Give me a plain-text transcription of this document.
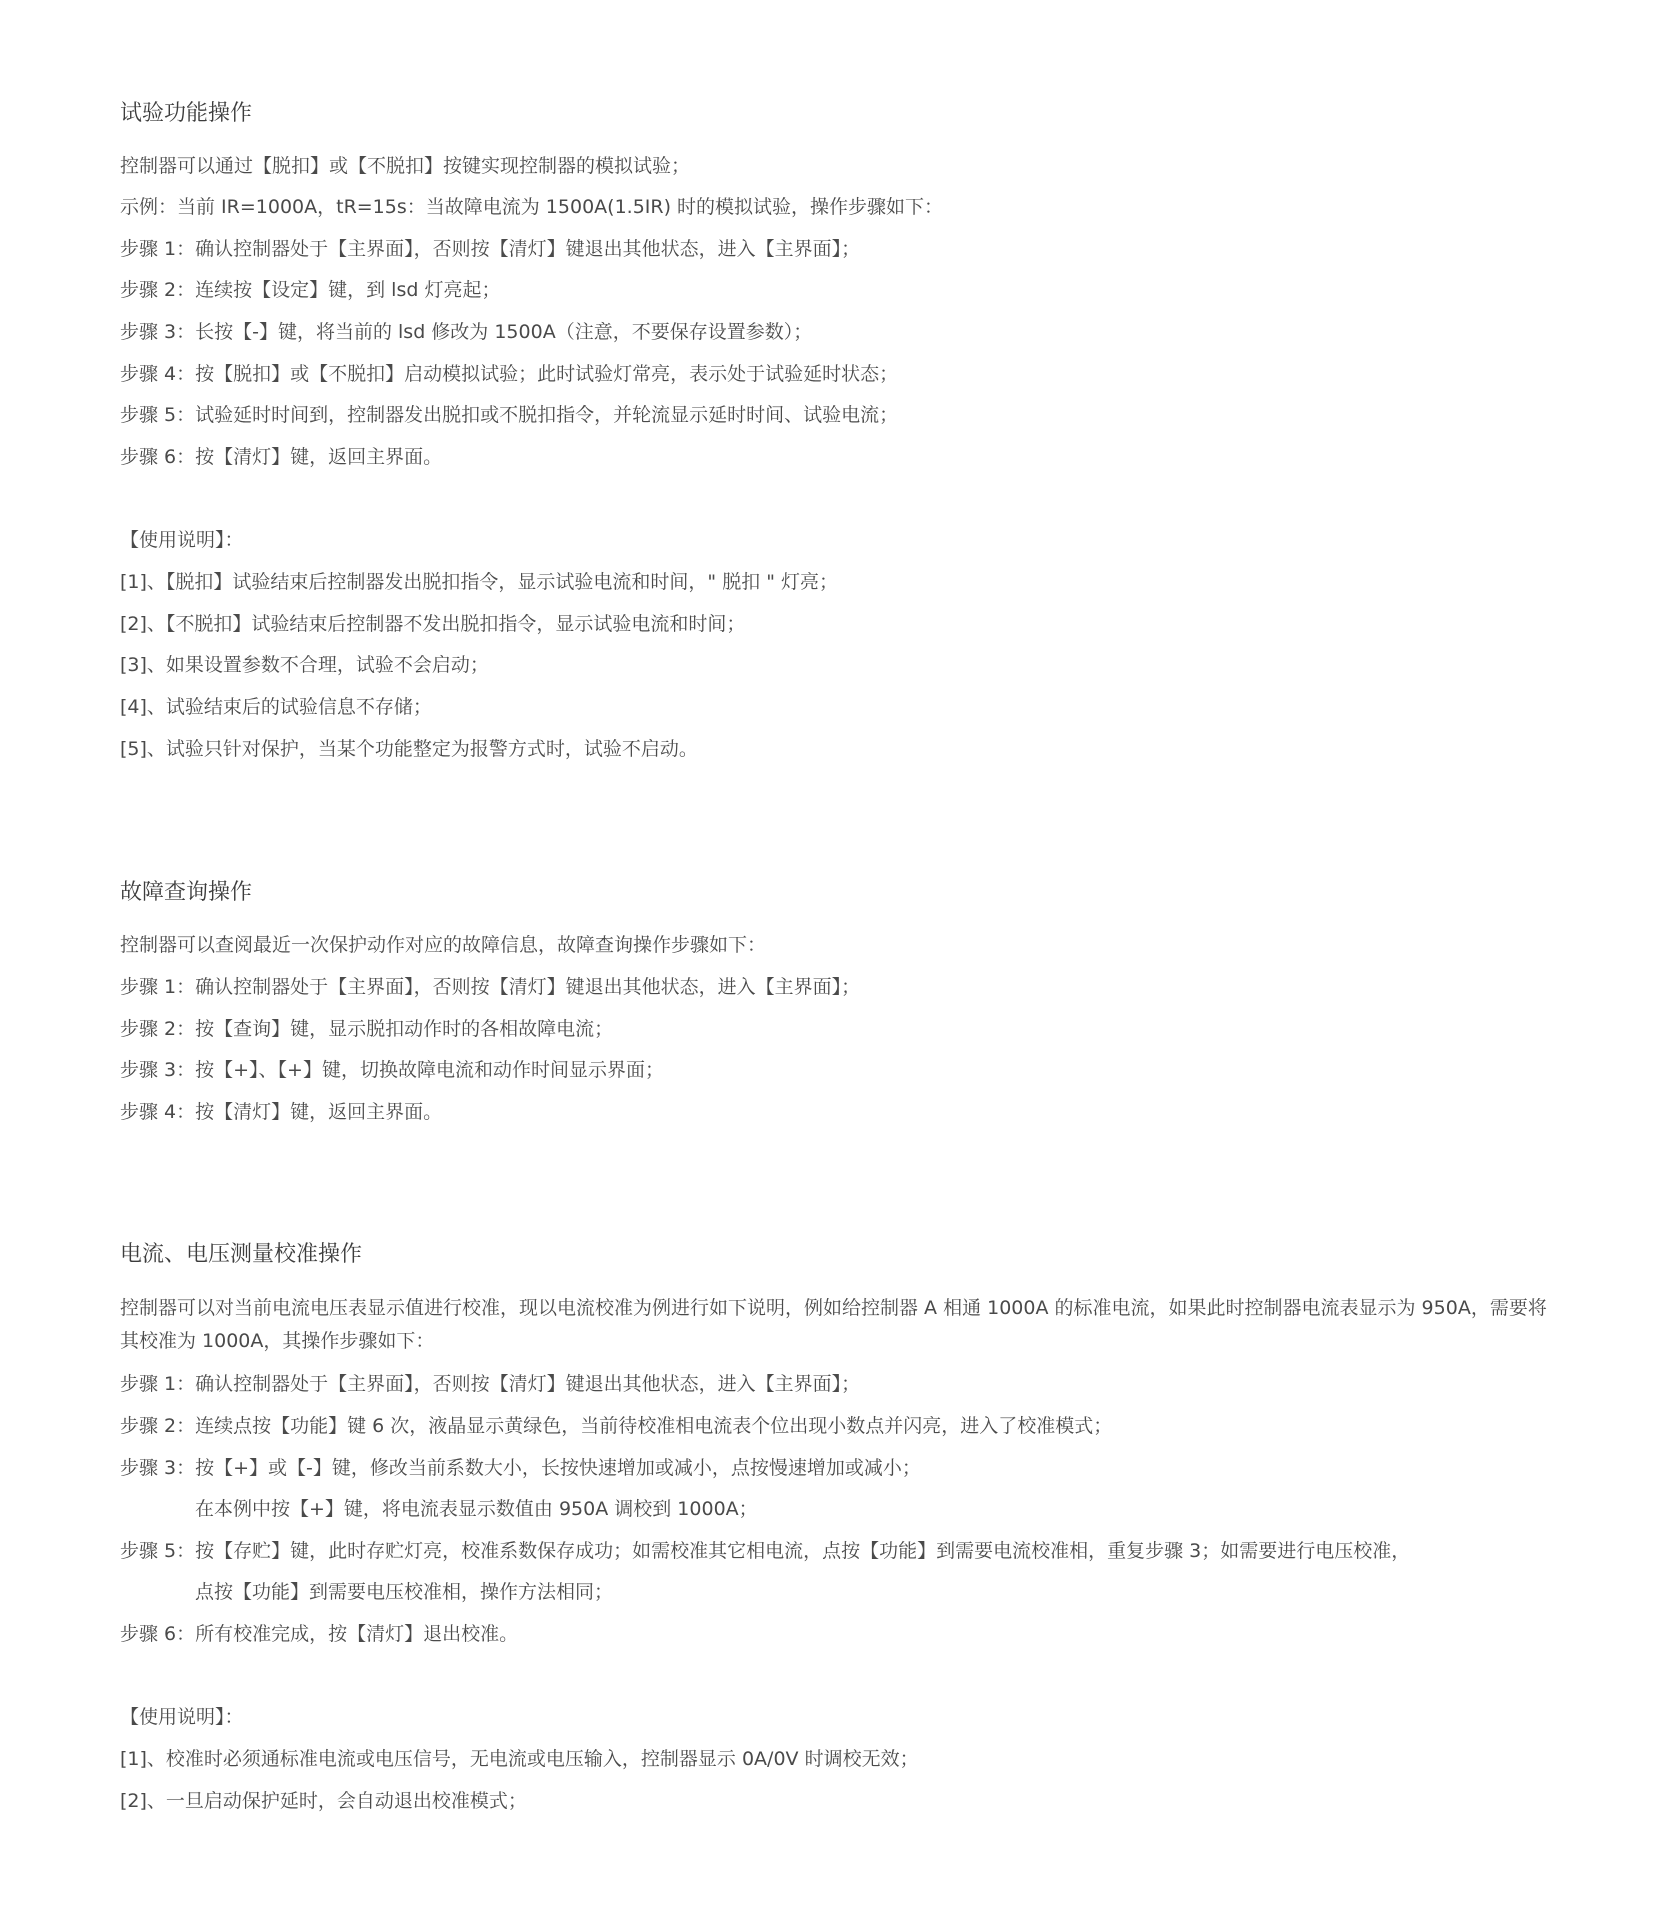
试验功能操作

控制器可以通过【脱扣】或【不脱扣】按键实现控制器的模拟试验；

示例：当前 IR=1000A，tR=15s：当故障电流为 1500A(1.5IR) 时的模拟试验，操作步骤如下：

步骤 1：确认控制器处于【主界面】，否则按【清灯】键退出其他状态，进入【主界面】；

步骤 2：连续按【设定】键，到 lsd 灯亮起；

步骤 3：长按【-】键，将当前的 lsd 修改为 1500A（注意，不要保存设置参数）；

步骤 4：按【脱扣】或【不脱扣】启动模拟试验；此时试验灯常亮，表示处于试验延时状态；

步骤 5：试验延时时间到，控制器发出脱扣或不脱扣指令，并轮流显示延时时间、试验电流；

步骤 6：按【清灯】键，返回主界面。

【使用说明】：

[1]、【脱扣】试验结束后控制器发出脱扣指令，显示试验电流和时间，" 脱扣 " 灯亮；

[2]、【不脱扣】试验结束后控制器不发出脱扣指令，显示试验电流和时间；

[3]、如果设置参数不合理，试验不会启动；

[4]、试验结束后的试验信息不存储；

[5]、试验只针对保护，当某个功能整定为报警方式时，试验不启动。

故障查询操作

控制器可以查阅最近一次保护动作对应的故障信息，故障查询操作步骤如下：

步骤 1：确认控制器处于【主界面】，否则按【清灯】键退出其他状态，进入【主界面】；

步骤 2：按【查询】键，显示脱扣动作时的各相故障电流；

步骤 3：按【+】、【+】键，切换故障电流和动作时间显示界面；

步骤 4：按【清灯】键，返回主界面。

电流、电压测量校准操作

控制器可以对当前电流电压表显示值进行校准，现以电流校准为例进行如下说明，例如给控制器 A 相通 1000A 的标准电流，如果此时控制器电流表显示为 950A，需要将其校准为 1000A，其操作步骤如下：

步骤 1：确认控制器处于【主界面】，否则按【清灯】键退出其他状态，进入【主界面】；

步骤 2：连续点按【功能】键 6 次，液晶显示黄绿色，当前待校准相电流表个位出现小数点并闪亮，进入了校准模式；

步骤 3：按【+】或【-】键，修改当前系数大小，长按快速增加或减小，点按慢速增加或减小；

在本例中按【+】键，将电流表显示数值由 950A 调校到 1000A；

步骤 5：按【存贮】键，此时存贮灯亮，校准系数保存成功；如需校准其它相电流，点按【功能】到需要电流校准相，重复步骤 3；如需要进行电压校准，

点按【功能】到需要电压校准相，操作方法相同；

步骤 6：所有校准完成，按【清灯】退出校准。

【使用说明】：

[1]、校准时必须通标准电流或电压信号，无电流或电压输入，控制器显示 0A/0V 时调校无效；

[2]、一旦启动保护延时，会自动退出校准模式；
